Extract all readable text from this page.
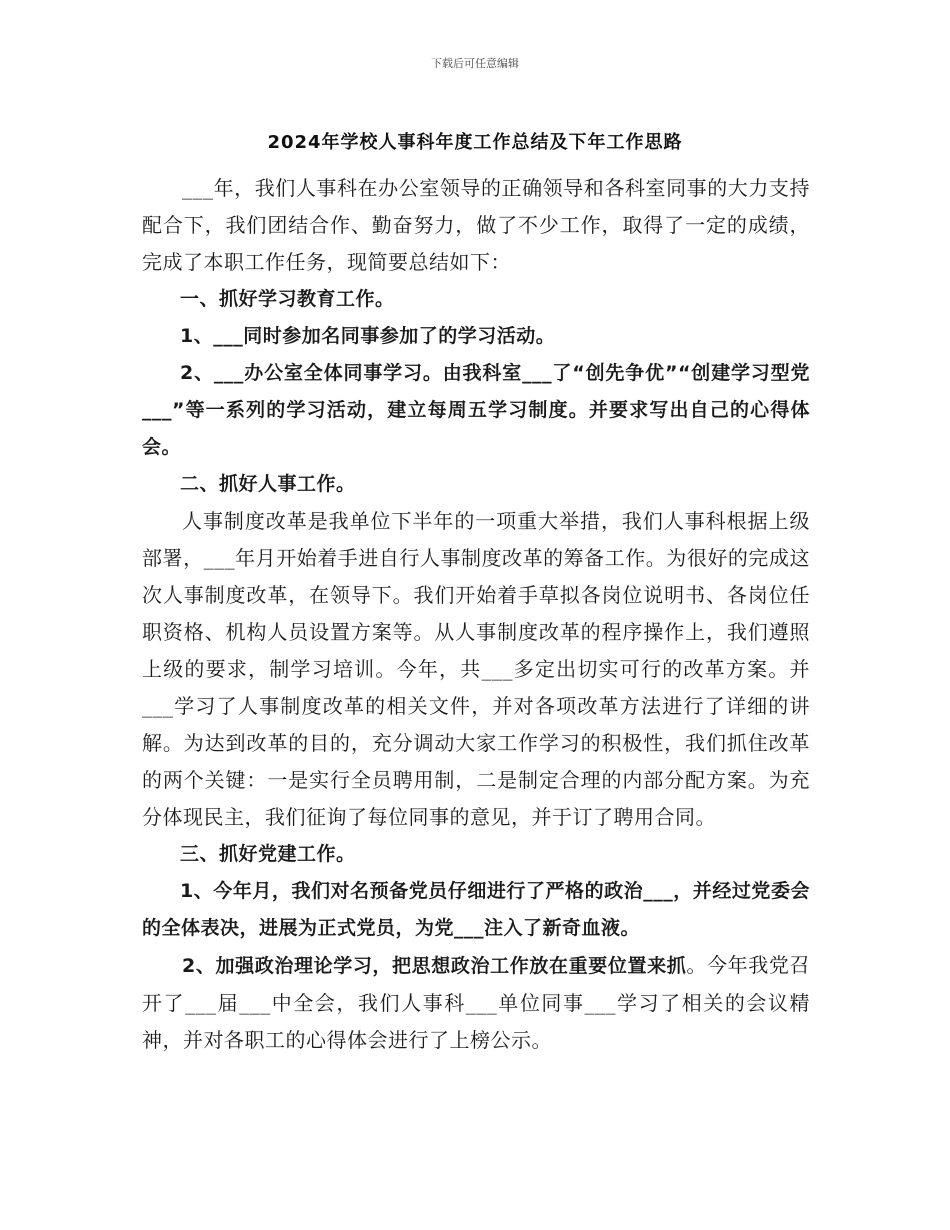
下载后可任意编辑
2024年学校人事科年度工作总结及下年工作思路

___年，我们人事科在办公室领导的正确领导和各科室同事的大力支持配合下，我们团结合作、勤奋努力，做了不少工作，取得了一定的成绩，完成了本职工作任务，现简要总结如下：

一、抓好学习教育工作。

1、___同时参加名同事参加了的学习活动。

2、___办公室全体同事学习。由我科室___了“创先争优”“创建学习型党___”等一系列的学习活动，建立每周五学习制度。并要求写出自己的心得体会。

二、抓好人事工作。

人事制度改革是我单位下半年的一项重大举措，我们人事科根据上级部署，___年月开始着手进自行人事制度改革的筹备工作。为很好的完成这次人事制度改革，在领导下。我们开始着手草拟各岗位说明书、各岗位任职资格、机构人员设置方案等。从人事制度改革的程序操作上，我们遵照上级的要求，制学习培训。今年，共___多定出切实可行的改革方案。并___学习了人事制度改革的相关文件，并对各项改革方法进行了详细的讲解。为达到改革的目的，充分调动大家工作学习的积极性，我们抓住改革的两个关键：一是实行全员聘用制，二是制定合理的内部分配方案。为充分体现民主，我们征询了每位同事的意见，并于订了聘用合同。

三、抓好党建工作。

1、今年月，我们对名预备党员仔细进行了严格的政治___，并经过党委会的全体表决，进展为正式党员，为党___注入了新奇血液。

2、加强政治理论学习，把思想政治工作放在重要位置来抓。今年我党召开了___届___中全会，我们人事科___单位同事___学习了相关的会议精神，并对各职工的心得体会进行了上榜公示。
